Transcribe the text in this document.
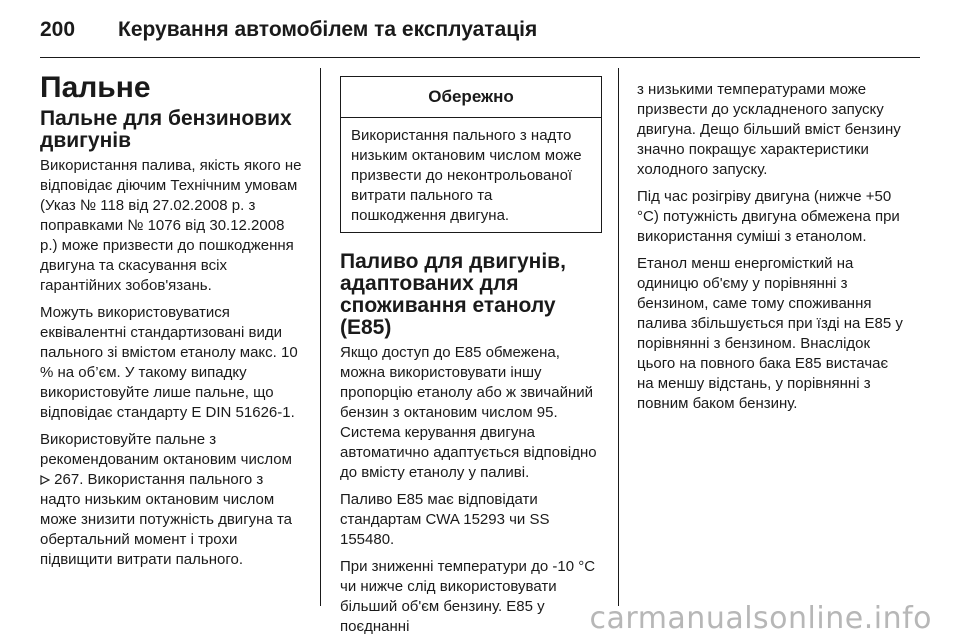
200	Керування автомобілем та експлуатація
Пальне
Пальне для бензинових двигунів

Використання палива, якість якого не відповідає діючим Технічним умовам (Указ № 118 від 27.02.2008 р. з поправками № 1076 від 30.12.2008 р.) може призвести до пошкодження двигуна та скасування всіх гарантійних зобов'язань.

Можуть використовуватися еквівалентні стандартизовані види пального зі вмістом етанолу макс. 10 % на об’єм. У такому випадку використовуйте лише пальне, що відповідає стандарту E DIN 51626-1.

Використовуйте пальне з рекомендованим октановим числом  267. Використання пального з надто низьким октановим числом може знизити потужність двигуна та обертальний момент і трохи підвищити витрати пального.

Обережно
Використання пального з надто низьким октановим числом може призвести до неконтрольованої витрати пального та пошкодження двигуна.
Паливо для двигунів, адаптованих для споживання етанолу (E85)

Якщо доступ до E85 обмежена, можна використовувати іншу пропорцію етанолу або ж звичайний бензин з октановим числом 95. Система керування двигуна автоматично адаптується відповідно до вмісту етанолу у паливі.

Паливо E85 має відповідати стандартам CWA 15293 чи SS 155480.

При зниженні температури до -10 °C чи нижче слід використовувати більший об'єм бензину. E85 у поєднанні

з низькими температурами може призвести до ускладненого запуску двигуна. Дещо більший вміст бензину значно покращує характеристики холодного запуску.

Під час розігріву двигуна (нижче +50 °C) потужність двигуна обмежена при використання суміші з етанолом.

Етанол менш енергомісткий на одиницю об'єму у порівнянні з бензином, саме тому споживання палива збільшується при їзді на E85 у порівнянні з бензином. Внаслідок цього на повного бака E85 вистачає на меншу відстань, у порівнянні з повним баком бензину.

carmanualsonline.info
